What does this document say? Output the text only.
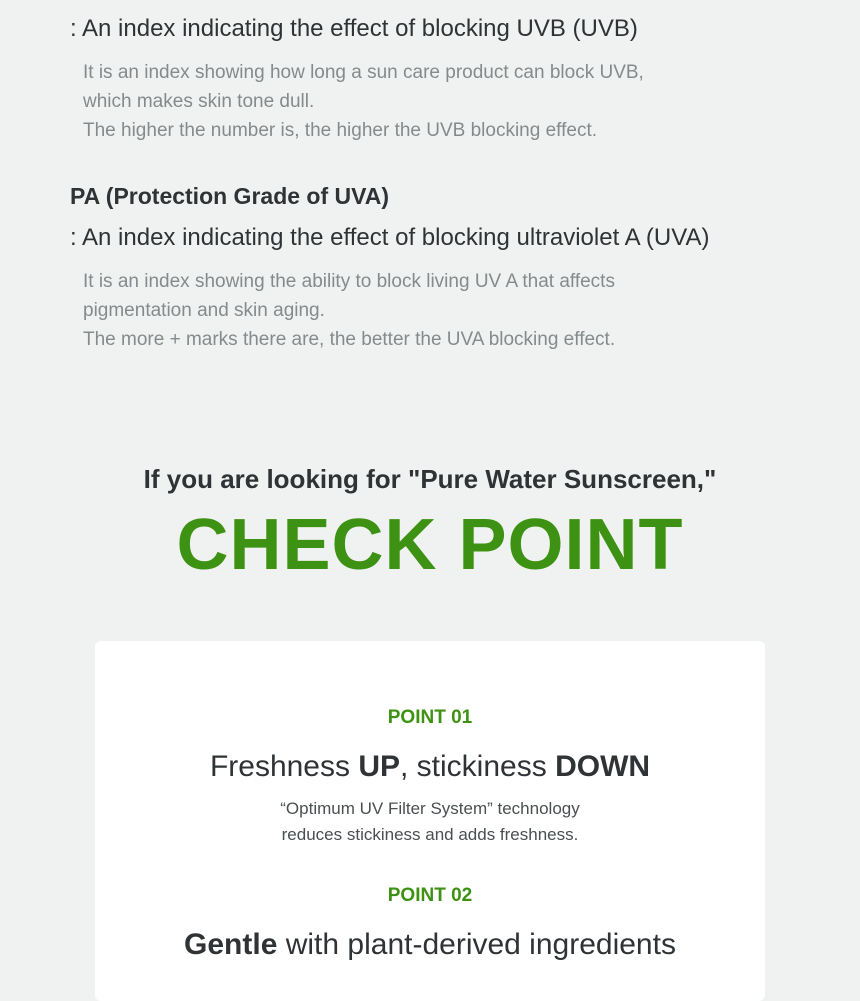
: An index indicating the effect of blocking UVB (UVB)
It is an index showing how long a sun care product can block UVB,
which makes skin tone dull.
The higher the number is, the higher the UVB blocking effect.
PA (Protection Grade of UVA)
: An index indicating the effect of blocking ultraviolet A (UVA)
It is an index showing the ability to block living UV A that affects
pigmentation and skin aging.
The more + marks there are, the better the UVA blocking effect.
If you are looking for "Pure Water Sunscreen,"
CHECK POINT
POINT 01
Freshness UP, stickiness DOWN
“Optimum UV Filter System” technology
reduces stickiness and adds freshness.
POINT 02
Gentle with plant-derived ingredients
